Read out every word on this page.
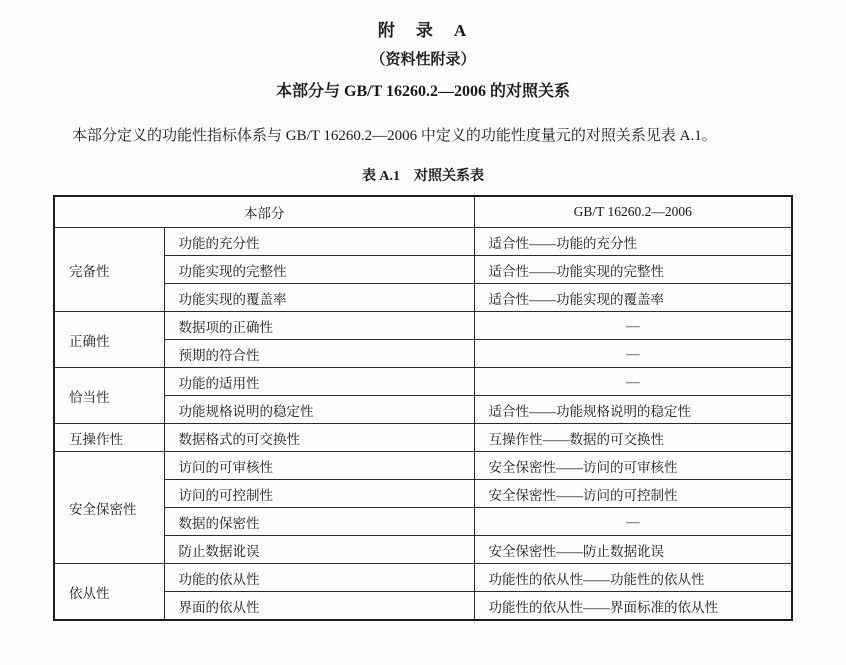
附　录　A
（资料性附录）
本部分与 GB/T 16260.2—2006 的对照关系

本部分定义的功能性指标体系与 GB/T 16260.2—2006 中定义的功能性度量元的对照关系见表 A.1。

表 A.1　对照关系表
本部分		GB/T 16260.2—2006
完备性	功能的充分性	适合性——功能的充分性
	功能实现的完整性	适合性——功能实现的完整性
	功能实现的覆盖率	适合性——功能实现的覆盖率
正确性	数据项的正确性	—
	预期的符合性	—
恰当性	功能的适用性	—
	功能规格说明的稳定性	适合性——功能规格说明的稳定性
互操作性	数据格式的可交换性	互操作性——数据的可交换性
安全保密性	访问的可审核性	安全保密性——访问的可审核性
	访问的可控制性	安全保密性——访问的可控制性
	数据的保密性	—
	防止数据讹误	安全保密性——防止数据讹误
依从性	功能的依从性	功能性的依从性——功能性的依从性
	界面的依从性	功能性的依从性——界面标准的依从性
